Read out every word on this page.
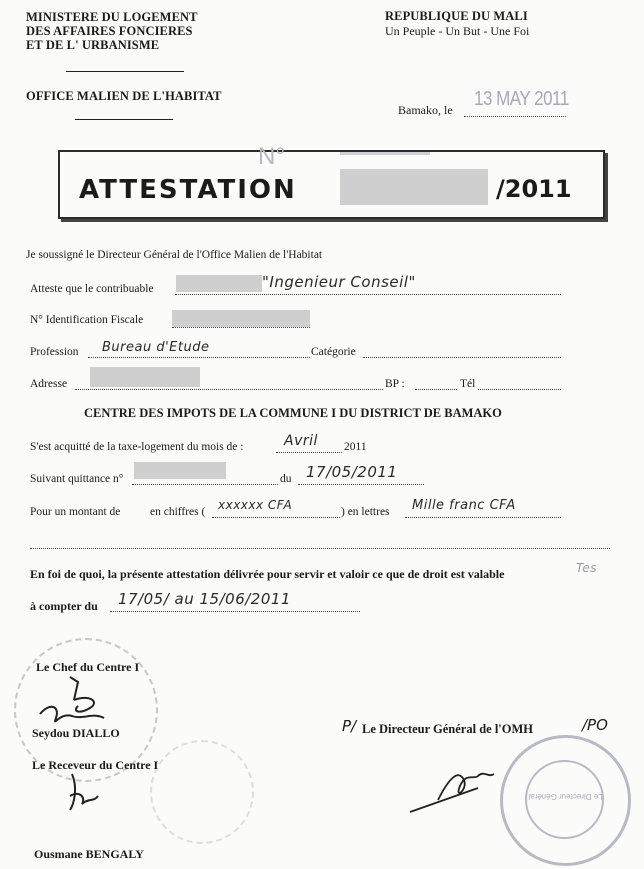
MINISTERE DU LOGEMENT
DES AFFAIRES FONCIERES
ET DE L' URBANISME
OFFICE MALIEN DE L'HABITAT
REPUBLIQUE DU MALI
Un Peuple - Un But - Une Foi
Bamako, le
13 MAY 2011
N°
ATTESTATION	/2011
Je soussigné le Directeur Général de l'Office Malien de l'Habitat
Atteste que le contribuable	"Ingenieur Conseil"
N° Identification Fiscale
Profession Bureau d'Etude	Catégorie
Adresse	BP :	Tél
CENTRE DES IMPOTS DE LA COMMUNE I DU DISTRICT DE BAMAKO
S'est acquitté de la taxe-logement du mois de :	Avril 2011
Suivant quittance n°	du 17/05/2011
Pour un montant de	en chiffres ( xxxxxx CFA	) en lettres Mille franc CFA
En foi de quoi, la présente attestation délivrée pour servir et valoir ce que de droit est valable	Tes
à compter du 17/05/ au 15/06/2011
Le Directeur Général
Le Chef du Centre I
Seydou DIALLO
Le Receveur du Centre I
Ousmane BENGALY
P/ Le Directeur Général de l'OMH	/PO
